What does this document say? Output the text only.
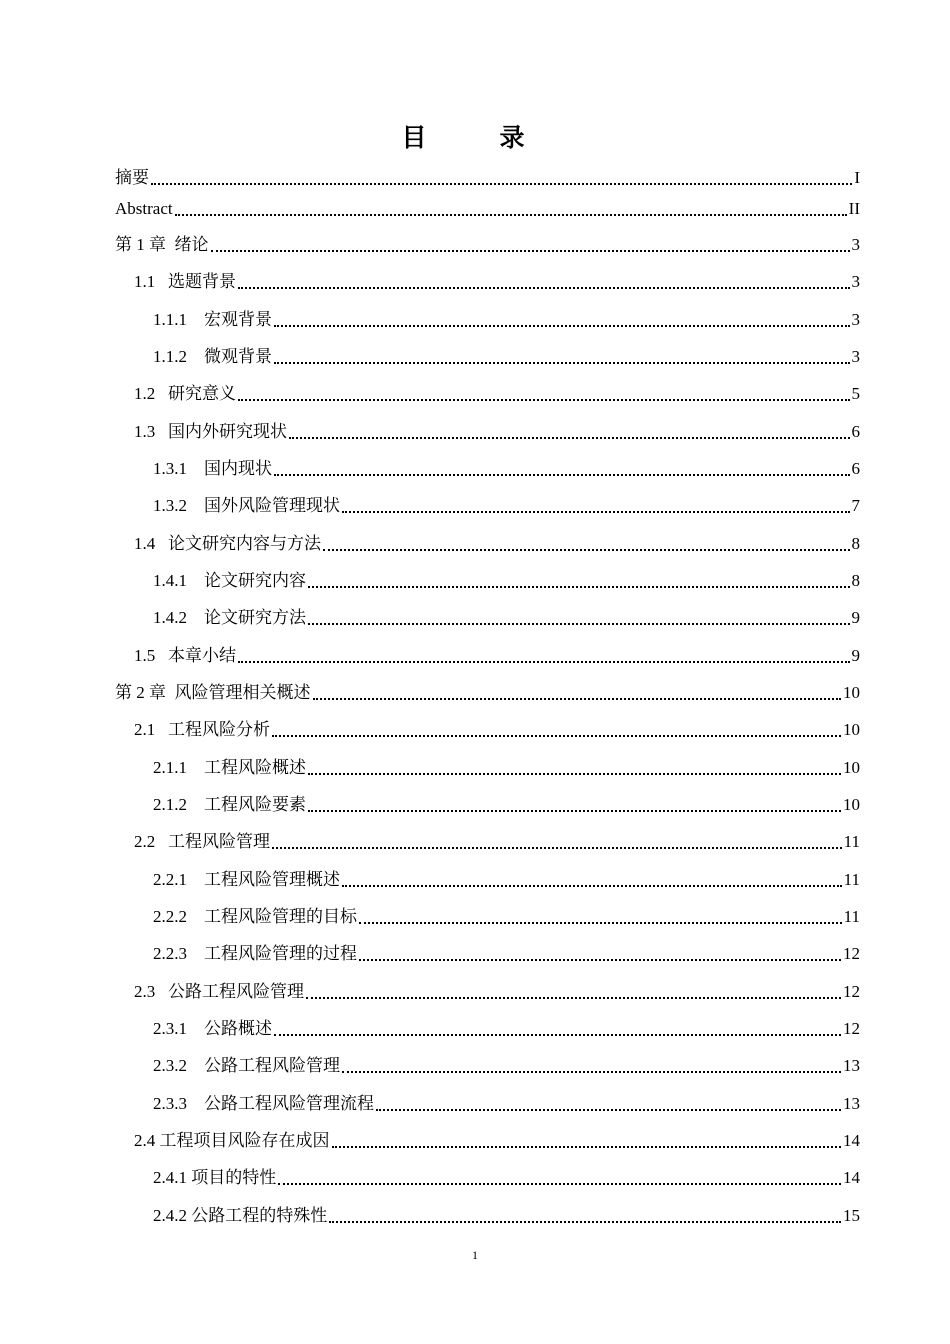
目　录
摘要	I
Abstract	II
第 1 章 绪论	3
1.1 选题背景	3
1.1.1 宏观背景	3
1.1.2 微观背景	3
1.2 研究意义	5
1.3 国内外研究现状	6
1.3.1 国内现状	6
1.3.2 国外风险管理现状	7
1.4 论文研究内容与方法	8
1.4.1 论文研究内容	8
1.4.2 论文研究方法	9
1.5 本章小结	9
第 2 章 风险管理相关概述	10
2.1 工程风险分析	10
2.1.1 工程风险概述	10
2.1.2 工程风险要素	10
2.2 工程风险管理	11
2.2.1 工程风险管理概述	11
2.2.2 工程风险管理的目标	11
2.2.3 工程风险管理的过程	12
2.3 公路工程风险管理	12
2.3.1 公路概述	12
2.3.2 公路工程风险管理	13
2.3.3 公路工程风险管理流程	13
2.4 工程项目风险存在成因	14
2.4.1 项目的特性	14
2.4.2 公路工程的特殊性	15
1
